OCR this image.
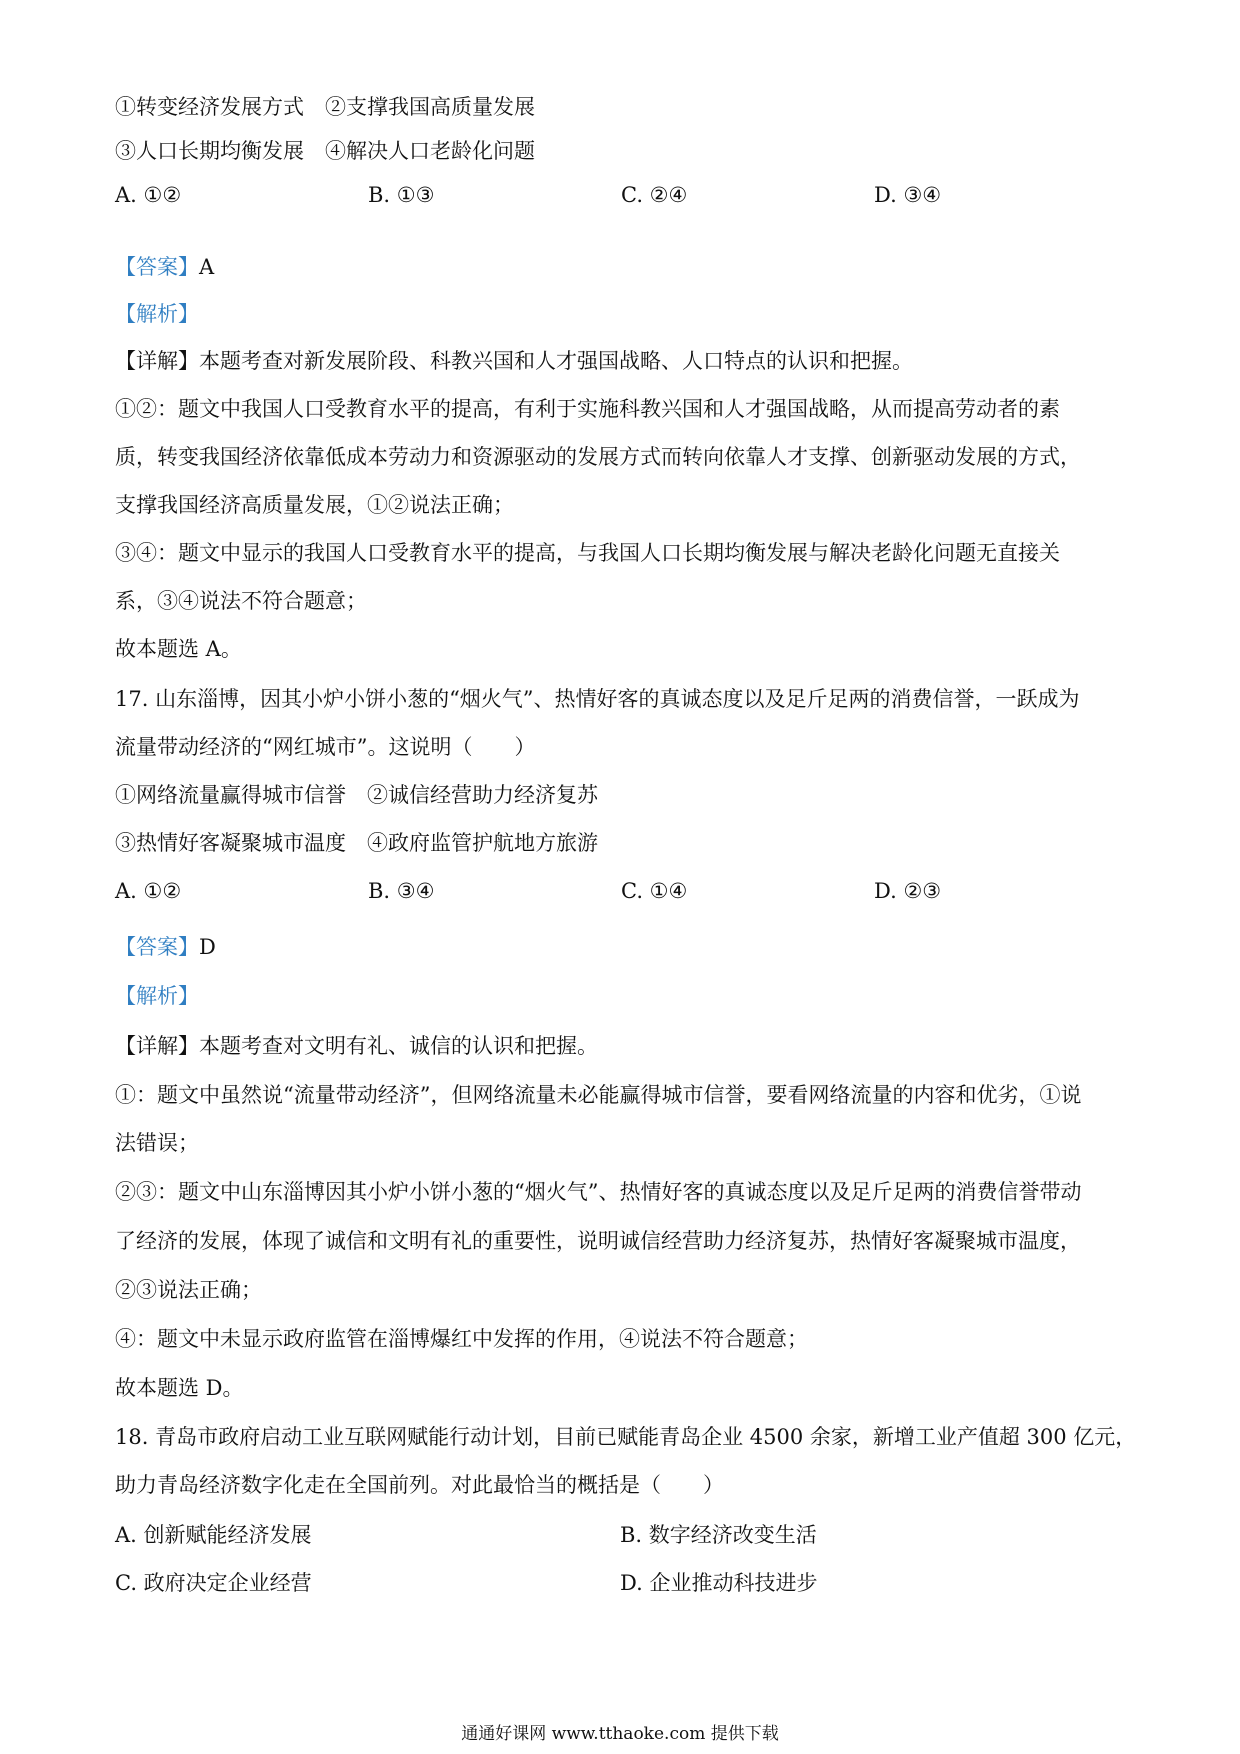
①转变经济发展方式　②支撑我国高质量发展
③人口长期均衡发展　④解决人口老龄化问题
A. ①②	B. ①③	C. ②④	D. ③④
【答案】A
【解析】
【详解】本题考查对新发展阶段、科教兴国和人才强国战略、人口特点的认识和把握。
①②：题文中我国人口受教育水平的提高，有利于实施科教兴国和人才强国战略，从而提高劳动者的素
质，转变我国经济依靠低成本劳动力和资源驱动的发展方式而转向依靠人才支撑、创新驱动发展的方式，
支撑我国经济高质量发展，①②说法正确；
③④：题文中显示的我国人口受教育水平的提高，与我国人口长期均衡发展与解决老龄化问题无直接关
系，③④说法不符合题意；
故本题选 A。
17. 山东淄博，因其小炉小饼小葱的“烟火气”、热情好客的真诚态度以及足斤足两的消费信誉，一跃成为
流量带动经济的“网红城市”。这说明（　　）
①网络流量赢得城市信誉　②诚信经营助力经济复苏
③热情好客凝聚城市温度　④政府监管护航地方旅游
A. ①②	B. ③④	C. ①④	D. ②③
【答案】D
【解析】
【详解】本题考查对文明有礼、诚信的认识和把握。
①：题文中虽然说“流量带动经济”，但网络流量未必能赢得城市信誉，要看网络流量的内容和优劣，①说
法错误；
②③：题文中山东淄博因其小炉小饼小葱的“烟火气”、热情好客的真诚态度以及足斤足两的消费信誉带动
了经济的发展，体现了诚信和文明有礼的重要性，说明诚信经营助力经济复苏，热情好客凝聚城市温度，
②③说法正确；
④：题文中未显示政府监管在淄博爆红中发挥的作用，④说法不符合题意；
故本题选 D。
18. 青岛市政府启动工业互联网赋能行动计划，目前已赋能青岛企业 4500 余家，新增工业产值超 300 亿元，
助力青岛经济数字化走在全国前列。对此最恰当的概括是（　　）
A. 创新赋能经济发展	B. 数字经济改变生活
C. 政府决定企业经营	D. 企业推动科技进步
通通好课网 www.tthaoke.com 提供下载
